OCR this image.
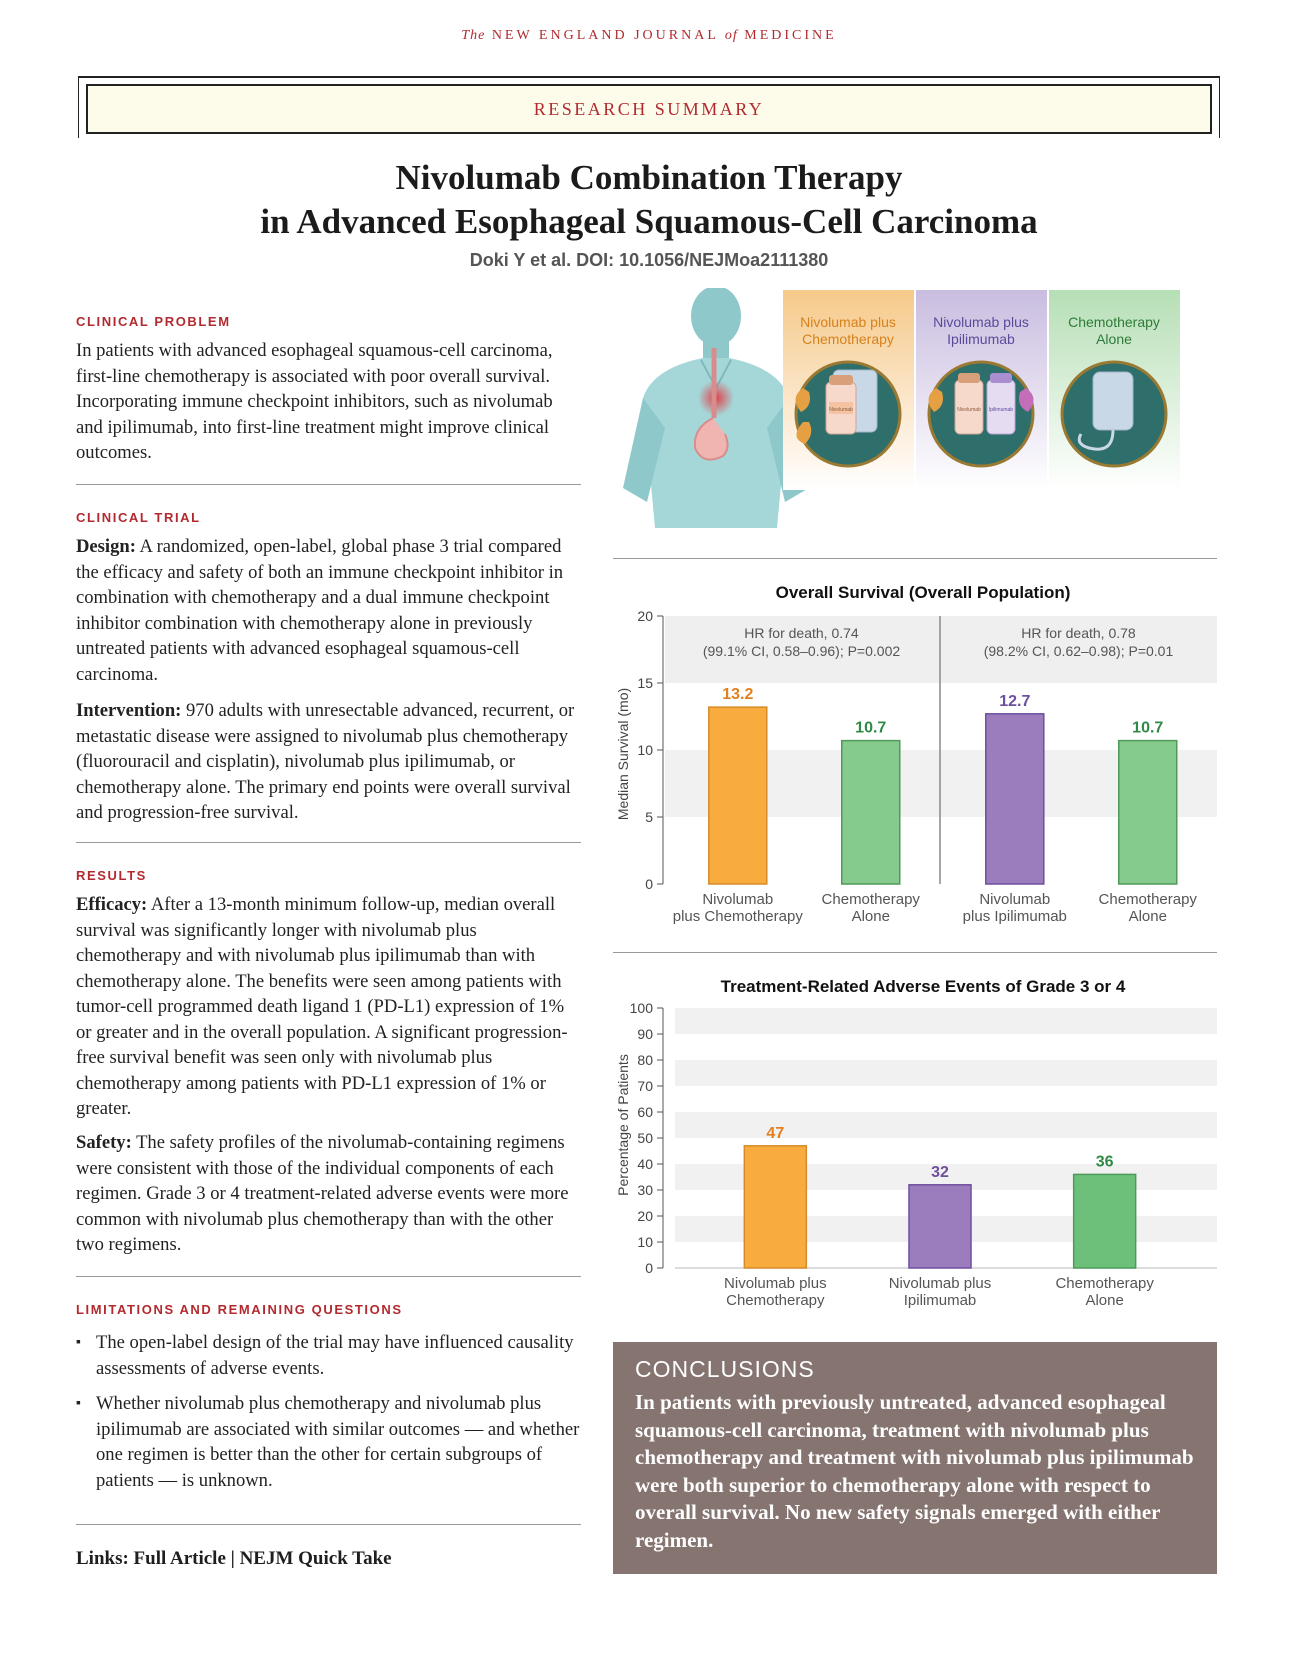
The NEW ENGLAND JOURNAL of MEDICINE
RESEARCH SUMMARY
Nivolumab Combination Therapy
in Advanced Esophageal Squamous-Cell Carcinoma
Doki Y et al. DOI: 10.1056/NEJMoa2111380
CLINICAL PROBLEM
In patients with advanced esophageal squamous-cell carcinoma, first-line chemotherapy is associated with poor overall survival. Incorporating immune checkpoint inhibitors, such as nivolumab and ipilimumab, into first-line treatment might improve clinical outcomes.
CLINICAL TRIAL
Design: A randomized, open-label, global phase 3 trial compared the efficacy and safety of both an immune checkpoint inhibitor in combination with chemotherapy and a dual immune checkpoint inhibitor combination with chemotherapy alone in previously untreated patients with advanced esophageal squamous-cell carcinoma.
Intervention: 970 adults with unresectable advanced, recurrent, or metastatic disease were assigned to nivolumab plus chemotherapy (fluorouracil and cisplatin), nivolumab plus ipilimumab, or chemotherapy alone. The primary end points were overall survival and progression-free survival.
RESULTS
Efficacy: After a 13-month minimum follow-up, median overall survival was significantly longer with nivolumab plus chemotherapy and with nivolumab plus ipilimumab than with chemotherapy alone. The benefits were seen among patients with tumor-cell programmed death ligand 1 (PD-L1) expression of 1% or greater and in the overall population. A significant progression-free survival benefit was seen only with nivolumab plus chemotherapy among patients with PD-L1 expression of 1% or greater.
Safety: The safety profiles of the nivolumab-containing regimens were consistent with those of the individual components of each regimen. Grade 3 or 4 treatment-related adverse events were more common with nivolumab plus chemotherapy than with the other two regimens.
LIMITATIONS AND REMAINING QUESTIONS
▪ The open-label design of the trial may have influenced causality assessments of adverse events.
▪ Whether nivolumab plus chemotherapy and nivolumab plus ipilimumab are associated with similar outcomes — and whether one regimen is better than the other for certain subgroups of patients — is unknown.
Links: Full Article | NEJM Quick Take
Nivolumab plus
Chemotherapy
Nivolumab
Nivolumab plus
Ipilimumab
Nivolumab Ipilimumab
Chemotherapy
Alone
Overall Survival (Overall Population)
Median Survival (mo)
0
5
10
15
20
HR for death, 0.74
(99.1% CI, 0.58–0.96); P=0.002
13.2
Nivolumab
plus Chemotherapy
10.7
Chemotherapy
Alone
HR for death, 0.78
(98.2% CI, 0.62–0.98); P=0.01
12.7
Nivolumab
plus Ipilimumab
10.7
Chemotherapy
Alone
Treatment-Related Adverse Events of Grade 3 or 4
Percentage of Patients
0
10
20
30
40
50
60
70
80
90
100
47
Nivolumab plus
Chemotherapy
32
Nivolumab plus
Ipilimumab
36
Chemotherapy
Alone
CONCLUSIONS
In patients with previously untreated, advanced esophageal squamous-cell carcinoma, treatment with nivolumab plus chemotherapy and treatment with nivolumab plus ipilimumab were both superior to chemotherapy alone with respect to overall survival. No new safety signals emerged with either regimen.
